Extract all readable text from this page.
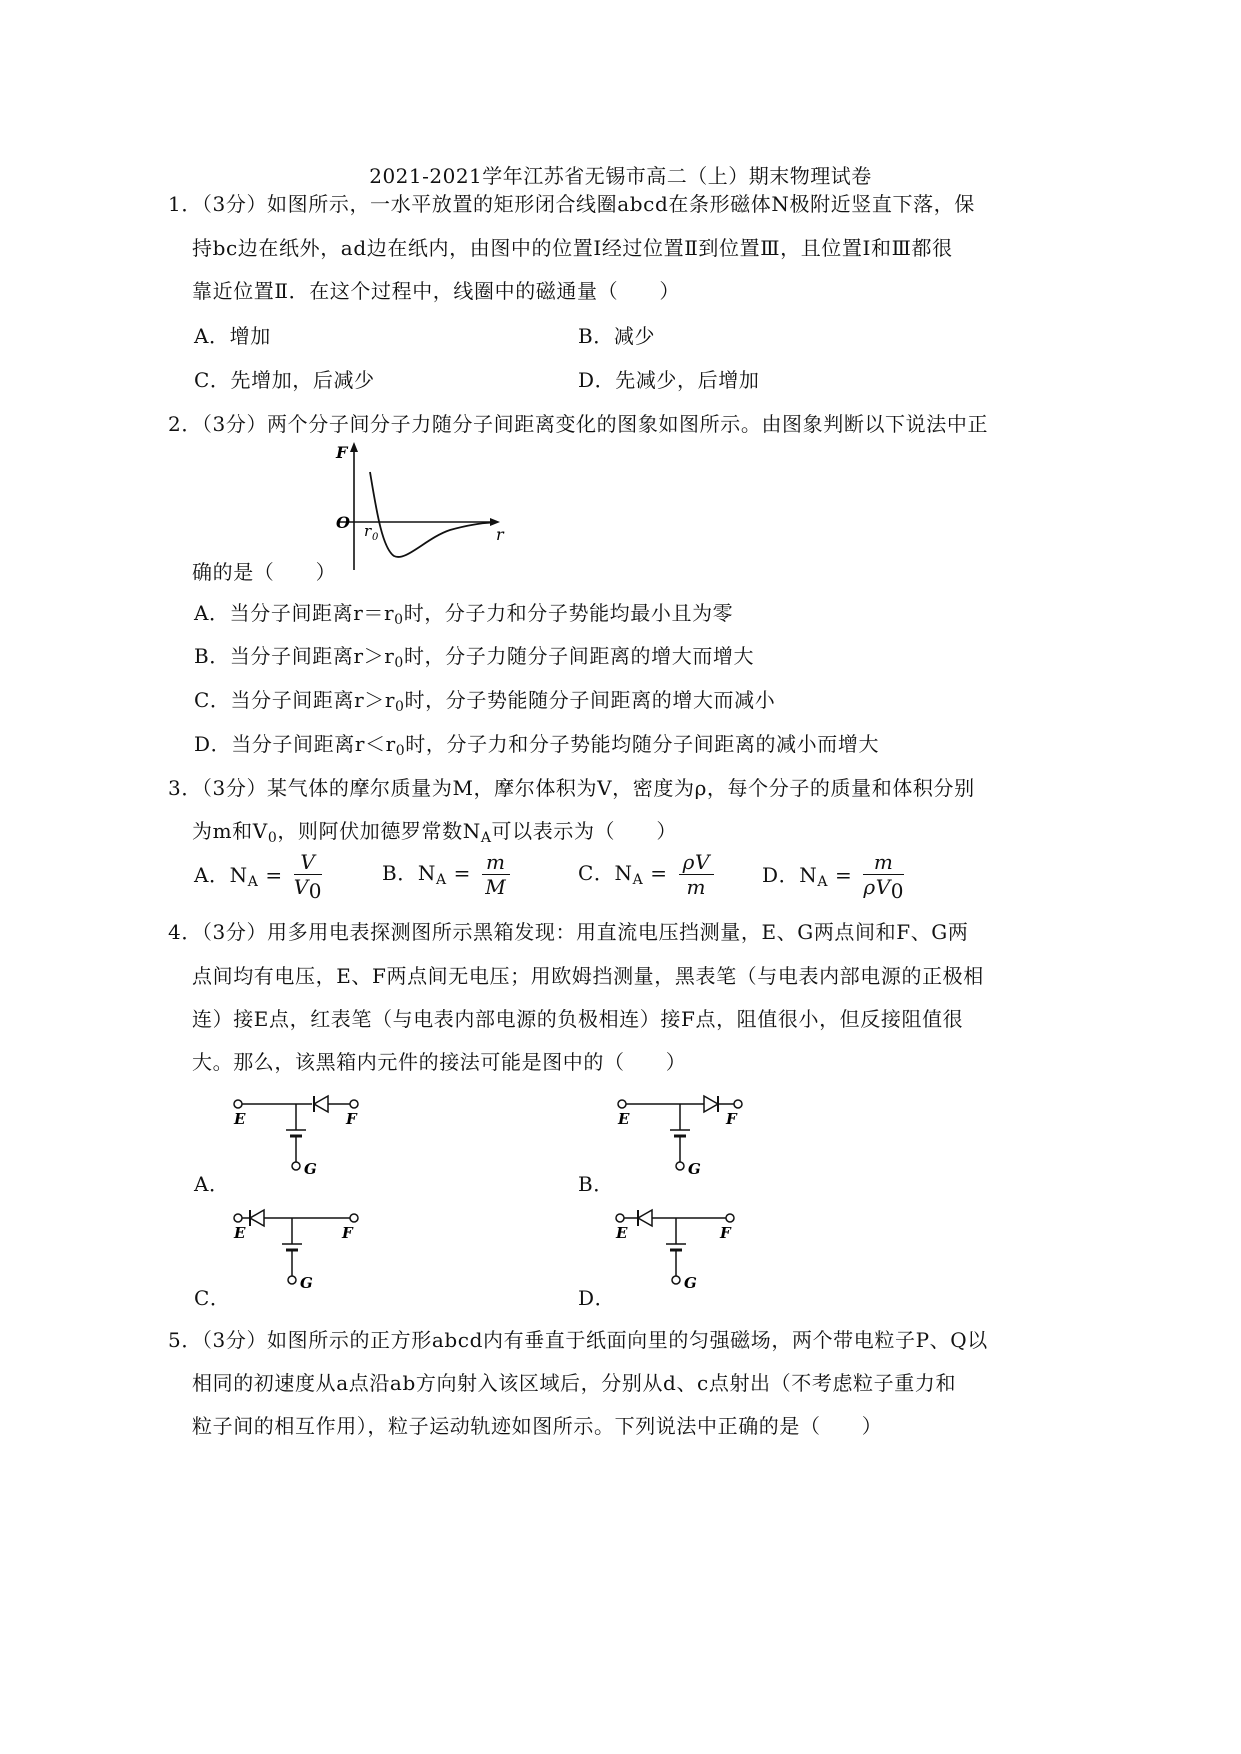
2021-2021学年江苏省无锡市高二（上）期末物理试卷
1．（3分）如图所示，一水平放置的矩形闭合线圈abcd在条形磁体N极附近竖直下落，保
持bc边在纸外，ad边在纸内，由图中的位置Ⅰ经过位置Ⅱ到位置Ⅲ，且位置Ⅰ和Ⅲ都很
靠近位置Ⅱ．在这个过程中，线圈中的磁通量（　　）
A．增加	B．减少
C．先增加，后减少	D．先减少，后增加
2．（3分）两个分子间分子力随分子间距离变化的图象如图所示。由图象判断以下说法中正
F
O
r
r 0
确的是（　　）
A．当分子间距离$r=r_0$时，分子力和分子势能均最小且为零
B．当分子间距离$r>r_0$时，分子力随分子间距离的增大而增大
C．当分子间距离$r>r_0$时，分子势能随分子间距离的增大而减小
D．当分子间距离$r<r_0$时，分子力和分子势能均随分子间距离的减小而增大
3．（3分）某气体的摩尔质量为M，摩尔体积为V，密度为ρ，每个分子的质量和体积分别
为m和$V_0$，则阿伏加德罗常数$N_A$可以表示为（　　）
A．$N_A = \frac{V}{V0}$	B．$N_A = \frac{m}{M}$	C．$N_A = \frac{\rho V}{m}$ D．$N_A = \frac{m}{\rho V0}$
4．（3分）用多用电表探测图所示黑箱发现：用直流电压挡测量，E、G两点间和F、G两
点间均有电压，E、F两点间无电压；用欧姆挡测量，黑表笔（与电表内部电源的正极相
连）接E点，红表笔（与电表内部电源的负极相连）接F点，阻值很小，但反接阻值很
大。那么，该黑箱内元件的接法可能是图中的（　　）
E	F
G
A．
E	F
G
B．
E	F
G
C．
E	F
G
D．
5．（3分）如图所示的正方形abcd内有垂直于纸面向里的匀强磁场，两个带电粒子P、Q以
相同的初速度从a点沿ab方向射入该区域后，分别从d、c点射出（不考虑粒子重力和
粒子间的相互作用），粒子运动轨迹如图所示。下列说法中正确的是（　　）
